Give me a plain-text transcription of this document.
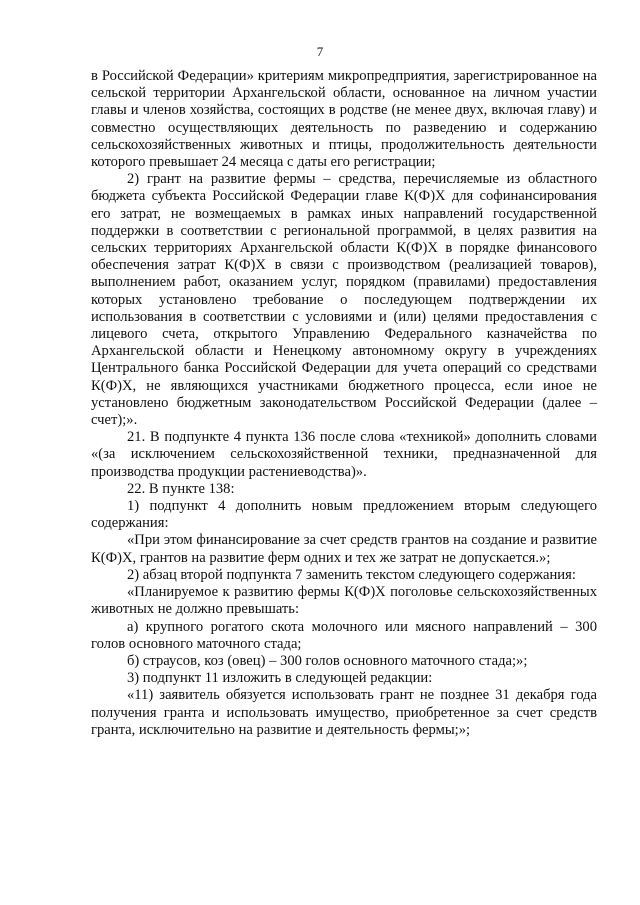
7

в Российской Федерации» критериям микропредприятия, зарегистрированное на сельской территории Архангельской области, основанное на личном участии главы и членов хозяйства, состоящих в родстве (не менее двух, включая главу) и совместно осуществляющих деятельность по разведению и содержанию сельскохозяйственных животных и птицы, продолжительность деятельности которого превышает 24 месяца с даты его регистрации;

2) грант на развитие фермы – средства, перечисляемые из областного бюджета субъекта Российской Федерации главе К(Ф)Х для софинансирования его затрат, не возмещаемых в рамках иных направлений государственной поддержки в соответствии с региональной программой, в целях развития на сельских территориях Архангельской области К(Ф)Х в порядке финансового обеспечения затрат К(Ф)Х в связи с производством (реализацией товаров), выполнением работ, оказанием услуг, порядком (правилами) предоставления которых установлено требование о последующем подтверждении их использования в соответствии с условиями и (или) целями предоставления с лицевого счета, открытого Управлению Федерального казначейства по Архангельской области и Ненецкому автономному округу в учреждениях Центрального банка Российской Федерации для учета операций со средствами К(Ф)Х, не являющихся участниками бюджетного процесса, если иное не установлено бюджетным законодательством Российской Федерации (далее – счет);».

21. В подпункте 4 пункта 136 после слова «техникой» дополнить словами «(за исключением сельскохозяйственной техники, предназначенной для производства продукции растениеводства)».

22. В пункте 138:

1) подпункт 4 дополнить новым предложением вторым следующего содержания:

«При этом финансирование за счет средств грантов на создание и развитие К(Ф)Х, грантов на развитие ферм одних и тех же затрат не допускается.»;

2) абзац второй подпункта 7 заменить текстом следующего содержания:

«Планируемое к развитию фермы К(Ф)Х поголовье сельскохозяйственных животных не должно превышать:

а) крупного рогатого скота молочного или мясного направлений – 300 голов основного маточного стада;

б) страусов, коз (овец) – 300 голов основного маточного стада;»;

3) подпункт 11 изложить в следующей редакции:

«11) заявитель обязуется использовать грант не позднее 31 декабря года получения гранта и использовать имущество, приобретенное за счет средств гранта, исключительно на развитие и деятельность фермы;»;
